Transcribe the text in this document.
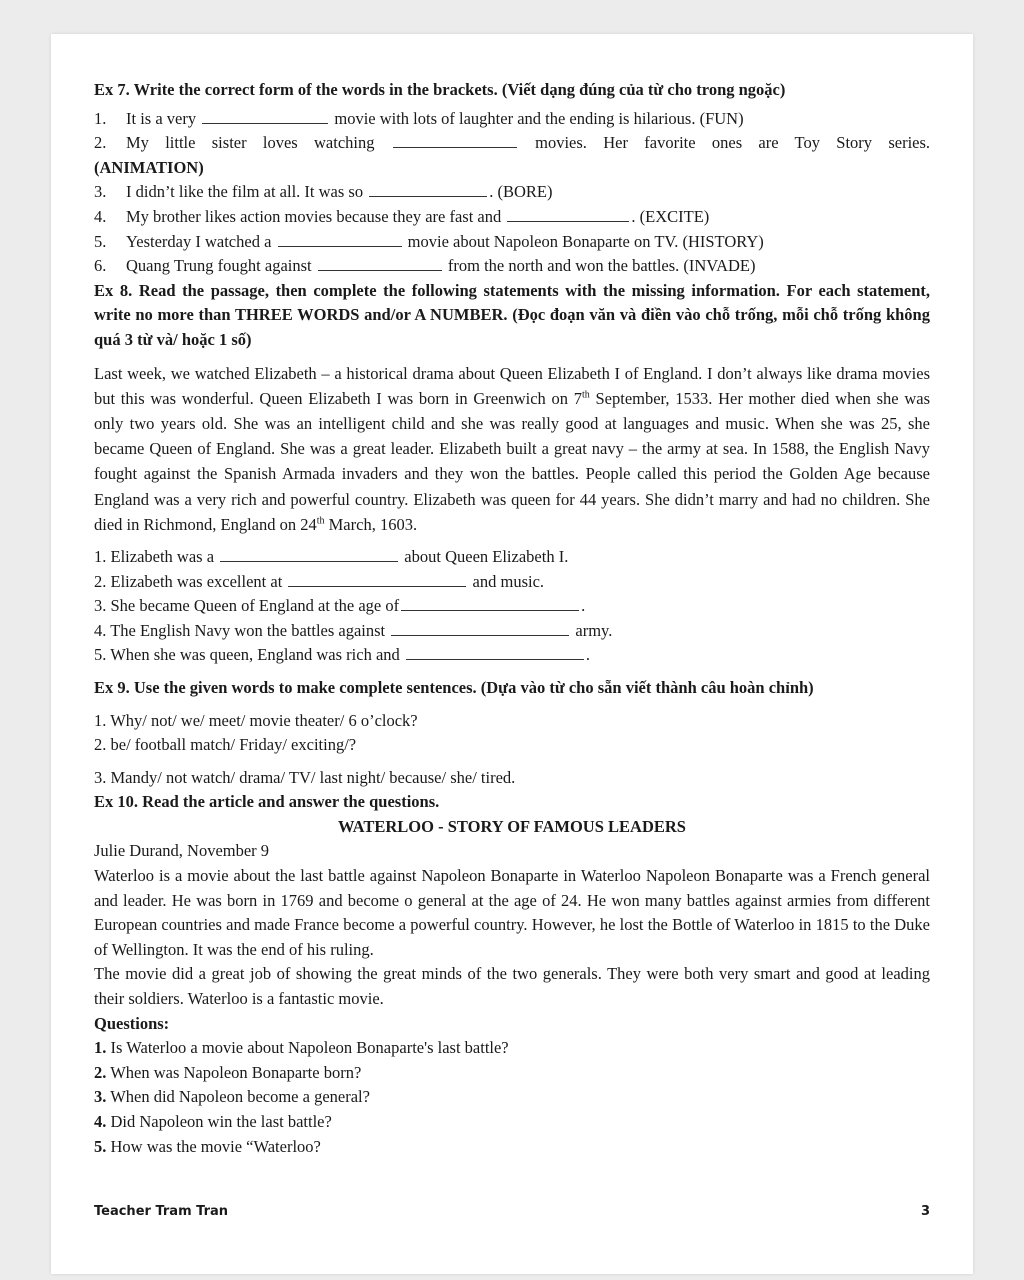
Ex 7. Write the correct form of the words in the brackets. (Viết dạng đúng của từ cho trong ngoặc)

1.	It is a very	movie with lots of laughter and the ending is hilarious. (FUN)
2.	My little sister loves watching	movies. Her favorite ones are Toy Story series.

(ANIMATION)

3.	I didn’t like the film at all. It was so	. (BORE)
4.	My brother likes action movies because they are fast and	. (EXCITE)
5.	Yesterday I watched a	movie about Napoleon Bonaparte on TV. (HISTORY)
6.	Quang Trung fought against	from the north and won the battles. (INVADE)

Ex 8. Read the passage, then complete the following statements with the missing information. For each statement, write no more than THREE WORDS and/or A NUMBER. (Đọc đoạn văn và điền vào chỗ trống, mỗi chỗ trống không quá 3 từ và/ hoặc 1 số)

Last week, we watched Elizabeth – a historical drama about Queen Elizabeth I of England. I don’t always like drama movies but this was wonderful. Queen Elizabeth I was born in Greenwich on 7th September, 1533. Her mother died when she was only two years old. She was an intelligent child and she was really good at languages and music. When she was 25, she became Queen of England. She was a great leader. Elizabeth built a great navy – the army at sea. In 1588, the English Navy fought against the Spanish Armada invaders and they won the battles. People called this period the Golden Age because England was a very rich and powerful country. Elizabeth was queen for 44 years. She didn’t marry and had no children. She died in Richmond, England on 24th March, 1603.

1. Elizabeth was a	about Queen Elizabeth I.

2. Elizabeth was excellent at	and music.

3. She became Queen of England at the age of	.

4. The English Navy won the battles against	army.

5. When she was queen, England was rich and	.

Ex 9. Use the given words to make complete sentences. (Dựa vào từ cho sẵn viết thành câu hoàn chỉnh)

1. Why/ not/ we/ meet/ movie theater/ 6 o’clock?

2. be/ football match/ Friday/ exciting/?

3. Mandy/ not watch/ drama/ TV/ last night/ because/ she/ tired.

Ex 10. Read the article and answer the questions.

WATERLOO - STORY OF FAMOUS LEADERS

Julie Durand, November 9

Waterloo is a movie about the last battle against Napoleon Bonaparte in Waterloo Napoleon Bonaparte was a French general and leader. He was born in 1769 and become o general at the age of 24. He won many battles against armies from different European countries and made France become a powerful country. However, he lost the Bottle of Waterloo in 1815 to the Duke of Wellington. It was the end of his ruling.

The movie did a great job of showing the great minds of the two generals. They were both very smart and good at leading their soldiers. Waterloo is a fantastic movie.

Questions:

1. Is Waterloo a movie about Napoleon Bonaparte's last battle?

2. When was Napoleon Bonaparte born?

3. When did Napoleon become a general?

4. Did Napoleon win the last battle?

5. How was the movie “Waterloo?

Teacher Tram Tran	3
